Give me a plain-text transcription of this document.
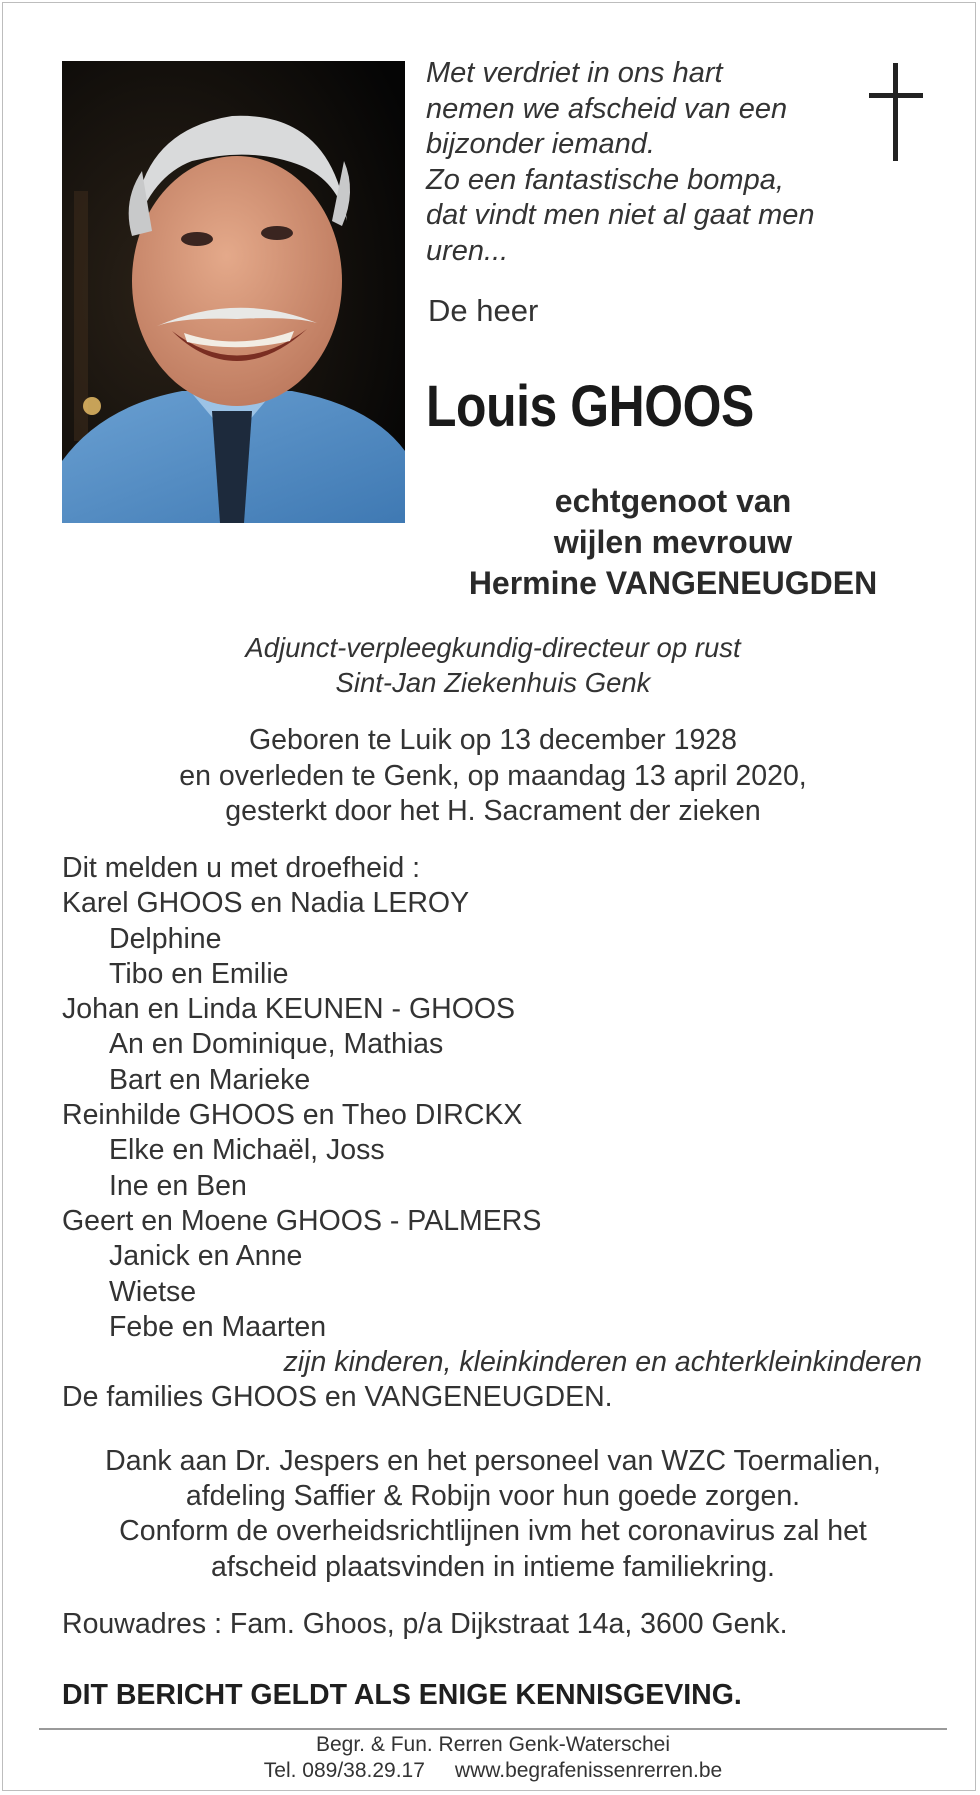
Met verdriet in ons hart
nemen we afscheid van een
bijzonder iemand.
Zo een fantastische bompa,
dat vindt men niet al gaat men
uren...
De heer
Louis GHOOS
echtgenoot van
wijlen mevrouw
Hermine VANGENEUGDEN
Adjunct-verpleegkundig-directeur op rust
Sint-Jan Ziekenhuis Genk
Geboren te Luik op 13 december 1928
en overleden te Genk, op maandag 13 april 2020,
gesterkt door het H. Sacrament der zieken
Dit melden u met droefheid :
Karel GHOOS en Nadia LEROY
Delphine
Tibo en Emilie
Johan en Linda KEUNEN - GHOOS
An en Dominique, Mathias
Bart en Marieke
Reinhilde GHOOS en Theo DIRCKX
Elke en Michaël, Joss
Ine en Ben
Geert en Moene GHOOS - PALMERS
Janick en Anne
Wietse
Febe en Maarten
zijn kinderen, kleinkinderen en achterkleinkinderen
De families GHOOS en VANGENEUGDEN.
Dank aan Dr. Jespers en het personeel van WZC Toermalien,
afdeling Saffier & Robijn voor hun goede zorgen.
Conform de overheidsrichtlijnen ivm het coronavirus zal het
afscheid plaatsvinden in intieme familiekring.
Rouwadres : Fam. Ghoos, p/a Dijkstraat 14a, 3600 Genk.
DIT BERICHT GELDT ALS ENIGE KENNISGEVING.
Begr. & Fun. Rerren Genk-Waterschei
Tel. 089/38.29.17 www.begrafenissenrerren.be
